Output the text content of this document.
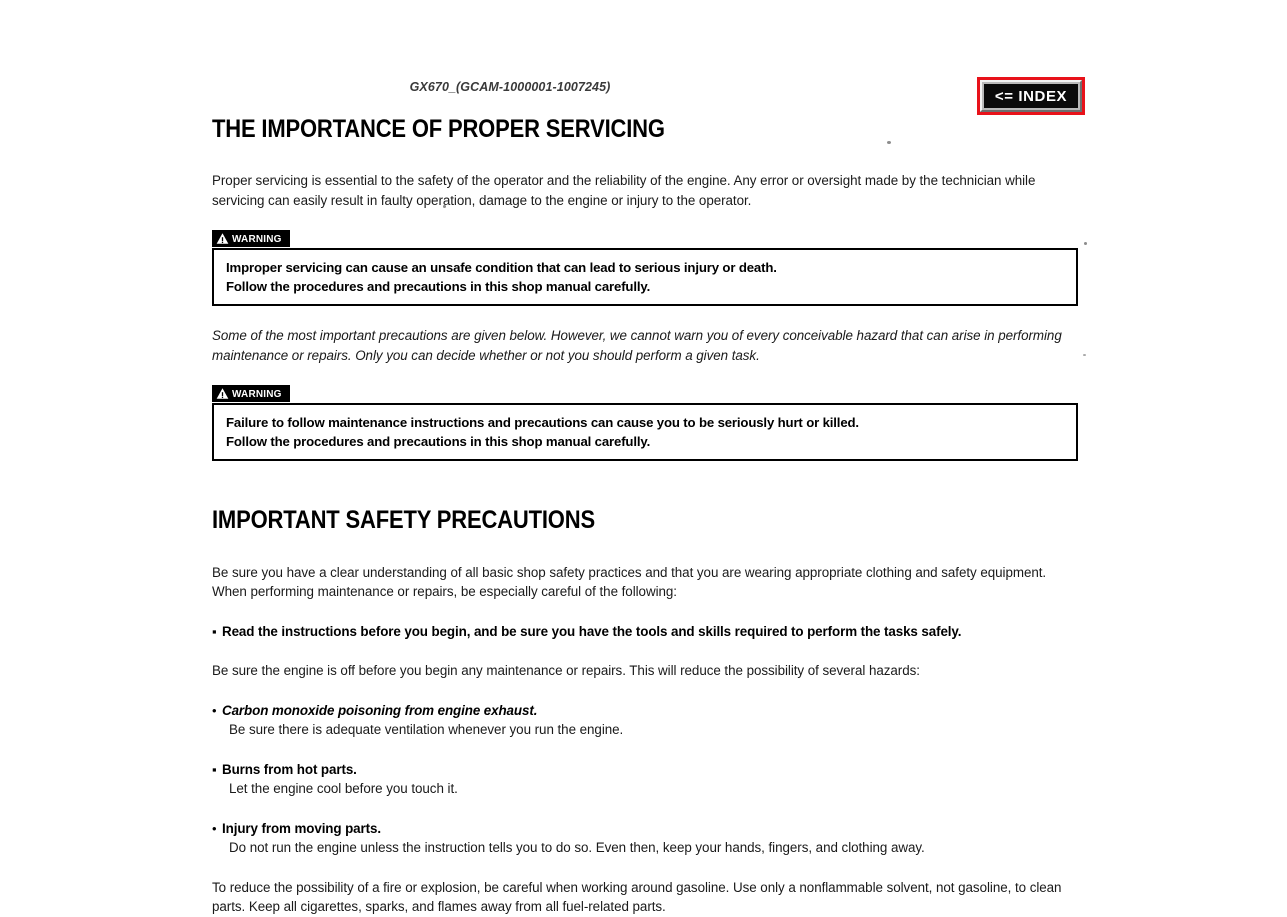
GX670_(GCAM-1000001-1007245)
<= INDEX
THE IMPORTANCE OF PROPER SERVICING

Proper servicing is essential to the safety of the operator and the reliability of the engine. Any error or oversight made by the technician while servicing can easily result in faulty operation, damage to the engine or injury to the operator.

WARNING
Improper servicing can cause an unsafe condition that can lead to serious injury or death.
Follow the procedures and precautions in this shop manual carefully.

Some of the most important precautions are given below. However, we cannot warn you of every conceivable hazard that can arise in performing maintenance or repairs. Only you can decide whether or not you should perform a given task.

WARNING
Failure to follow maintenance instructions and precautions can cause you to be seriously hurt or killed.
Follow the procedures and precautions in this shop manual carefully.
IMPORTANT SAFETY PRECAUTIONS

Be sure you have a clear understanding of all basic shop safety practices and that you are wearing appropriate clothing and safety equipment. When performing maintenance or repairs, be especially careful of the following:

▪ Read the instructions before you begin, and be sure you have the tools and skills required to perform the tasks safely.

Be sure the engine is off before you begin any maintenance or repairs. This will reduce the possibility of several hazards:

• Carbon monoxide poisoning from engine exhaust.
Be sure there is adequate ventilation whenever you run the engine.
▪ Burns from hot parts.
Let the engine cool before you touch it.
• Injury from moving parts.
Do not run the engine unless the instruction tells you to do so. Even then, keep your hands, fingers, and clothing away.

To reduce the possibility of a fire or explosion, be careful when working around gasoline. Use only a nonflammable solvent, not gasoline, to clean parts. Keep all cigarettes, sparks, and flames away from all fuel-related parts.
